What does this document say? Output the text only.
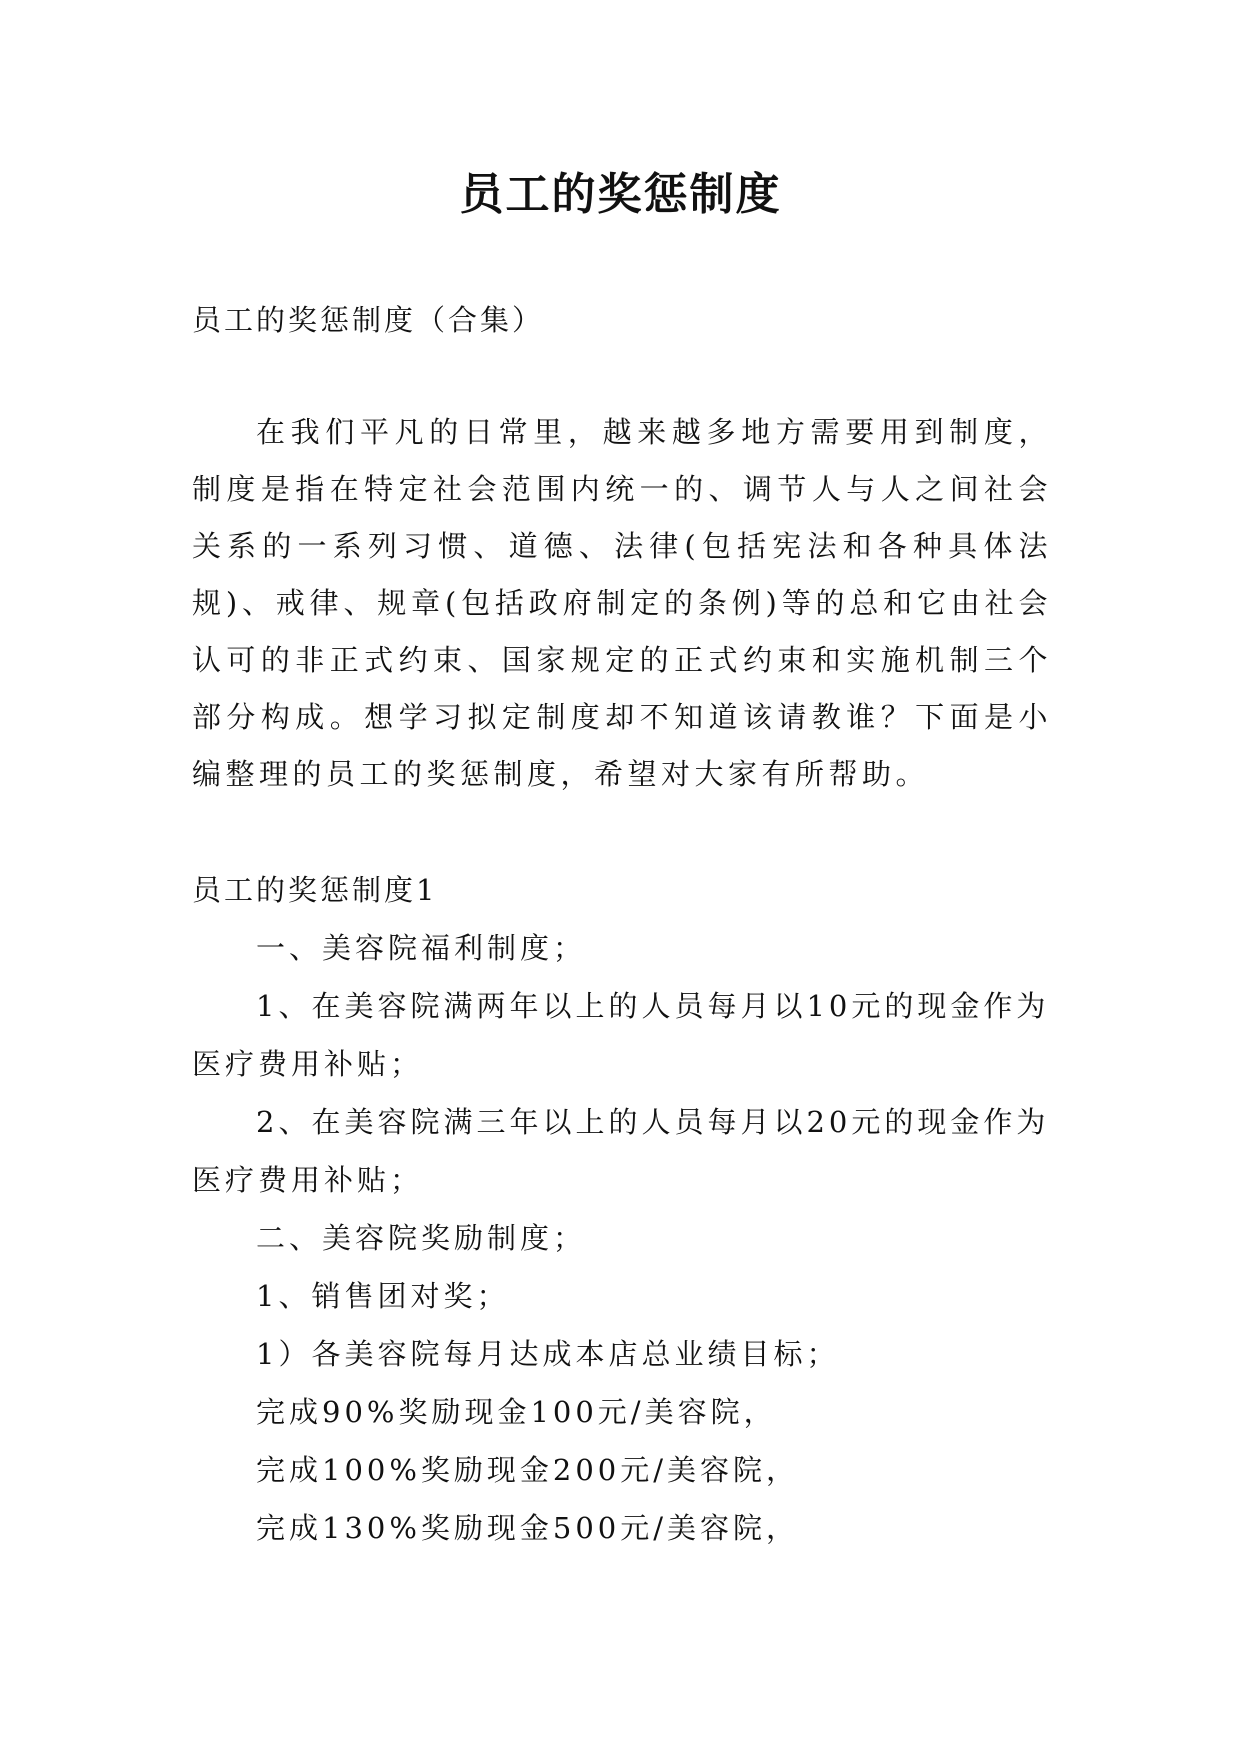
员工的奖惩制度
员工的奖惩制度（合集）

在我们平凡的日常里，越来越多地方需要用到制度，制度是指在特定社会范围内统一的、调节人与人之间社会关系的一系列习惯、道德、法律(包括宪法和各种具体法规)、戒律、规章(包括政府制定的条例)等的总和它由社会认可的非正式约束、国家规定的正式约束和实施机制三个部分构成。想学习拟定制度却不知道该请教谁？下面是小编整理的员工的奖惩制度，希望对大家有所帮助。

员工的奖惩制度1
一、美容院福利制度；
1、在美容院满两年以上的人员每月以10元的现金作为
医疗费用补贴；
2、在美容院满三年以上的人员每月以20元的现金作为
医疗费用补贴；
二、美容院奖励制度；
1、销售团对奖；
1）各美容院每月达成本店总业绩目标；
完成90%奖励现金100元/美容院，
完成100%奖励现金200元/美容院，
完成130%奖励现金500元/美容院，
